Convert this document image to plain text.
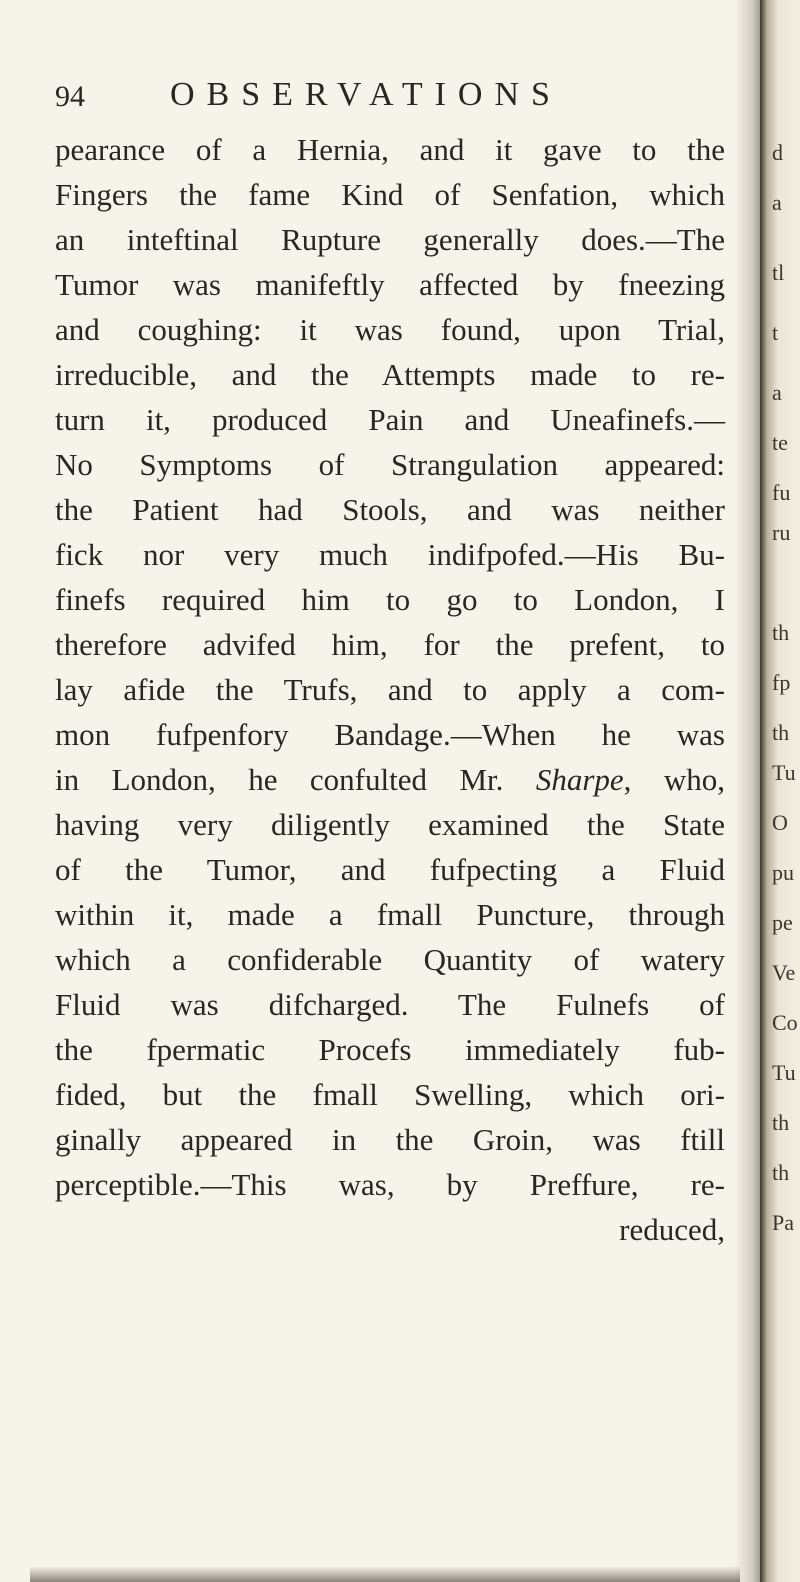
94	OBSERVATIONS
pearance of a Hernia, and it gave to the
Fingers the fame Kind of Senfation, which
an inteftinal Rupture generally does.—The
Tumor was manifeftly affected by fneezing
and coughing: it was found, upon Trial,
irreducible, and the Attempts made to re-
turn it, produced Pain and Uneafinefs.—
No Symptoms of Strangulation appeared:
the Patient had Stools, and was neither
fick nor very much indifpofed.—His Bu-
finefs required him to go to London, I
therefore advifed him, for the prefent, to
lay afide the Trufs, and to apply a com-
mon fufpenfory Bandage.—When he was
in London, he confulted Mr. Sharpe, who,
having very diligently examined the State
of the Tumor, and fufpecting a Fluid
within it, made a fmall Puncture, through
which a confiderable Quantity of watery
Fluid was difcharged. The Fulnefs of
the fpermatic Procefs immediately fub-
fided, but the fmall Swelling, which ori-
ginally appeared in the Groin, was ftill
perceptible.—This was, by Preffure, re-
reduced,
d
a
tl
t
a
te
fu
ru
th
fp
th
Tu
O
pu
pe
Ve
Co
Tu
th
th
Pa
